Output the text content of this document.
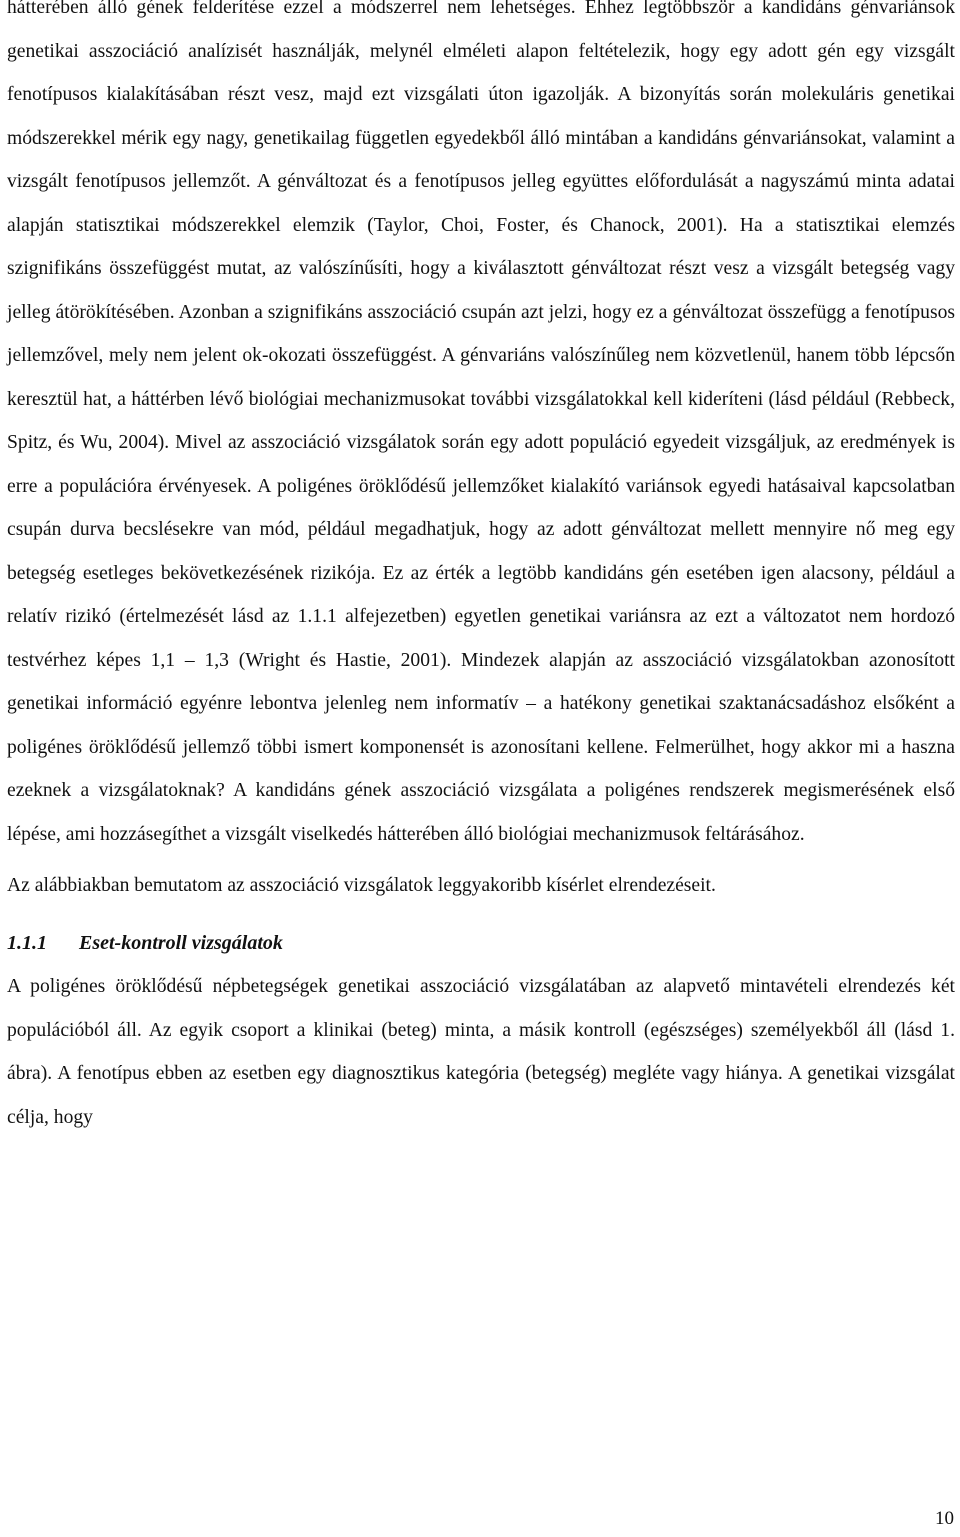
hátterében álló gének felderítése ezzel a módszerrel nem lehetséges. Ehhez legtöbbször a kandidáns génvariánsok genetikai asszociáció analízisét használják, melynél elméleti alapon feltételezik, hogy egy adott gén egy vizsgált fenotípusos kialakításában részt vesz, majd ezt vizsgálati úton igazolják. A bizonyítás során molekuláris genetikai módszerekkel mérik egy nagy, genetikailag független egyedekből álló mintában a kandidáns génvariánsokat, valamint a vizsgált fenotípusos jellemzőt. A génváltozat és a fenotípusos jelleg együttes előfordulását a nagyszámú minta adatai alapján statisztikai módszerekkel elemzik (Taylor, Choi, Foster, és Chanock, 2001). Ha a statisztikai elemzés szignifikáns összefüggést mutat, az valószínűsíti, hogy a kiválasztott génváltozat részt vesz a vizsgált betegség vagy jelleg átörökítésében. Azonban a szignifikáns asszociáció csupán azt jelzi, hogy ez a génváltozat összefügg a fenotípusos jellemzővel, mely nem jelent ok-okozati összefüggést. A génvariáns valószínűleg nem közvetlenül, hanem több lépcsőn keresztül hat, a háttérben lévő biológiai mechanizmusokat további vizsgálatokkal kell kideríteni (lásd például (Rebbeck, Spitz, és Wu, 2004). Mivel az asszociáció vizsgálatok során egy adott populáció egyedeit vizsgáljuk, az eredmények is erre a populációra érvényesek. A poligénes öröklődésű jellemzőket kialakító variánsok egyedi hatásaival kapcsolatban csupán durva becslésekre van mód, például megadhatjuk, hogy az adott génváltozat mellett mennyire nő meg egy betegség esetleges bekövetkezésének rizikója. Ez az érték a legtöbb kandidáns gén esetében igen alacsony, például a relatív rizikó (értelmezését lásd az 1.1.1 alfejezetben) egyetlen genetikai variánsra az ezt a változatot nem hordozó testvérhez képes 1,1 – 1,3 (Wright és Hastie, 2001). Mindezek alapján az asszociáció vizsgálatokban azonosított genetikai információ egyénre lebontva jelenleg nem informatív – a hatékony genetikai szaktanácsadáshoz elsőként a poligénes öröklődésű jellemző többi ismert komponensét is azonosítani kellene. Felmerülhet, hogy akkor mi a haszna ezeknek a vizsgálatoknak? A kandidáns gének asszociáció vizsgálata a poligénes rendszerek megismerésének első lépése, ami hozzásegíthet a vizsgált viselkedés hátterében álló biológiai mechanizmusok feltárásához.

Az alábbiakban bemutatom az asszociáció vizsgálatok leggyakoribb kísérlet elrendezéseit.

1.1.1 Eset-kontroll vizsgálatok

A poligénes öröklődésű népbetegségek genetikai asszociáció vizsgálatában az alapvető mintavételi elrendezés két populációból áll. Az egyik csoport a klinikai (beteg) minta, a másik kontroll (egészséges) személyekből áll (lásd 1. ábra). A fenotípus ebben az esetben egy diagnosztikus kategória (betegség) megléte vagy hiánya. A genetikai vizsgálat célja, hogy

10
